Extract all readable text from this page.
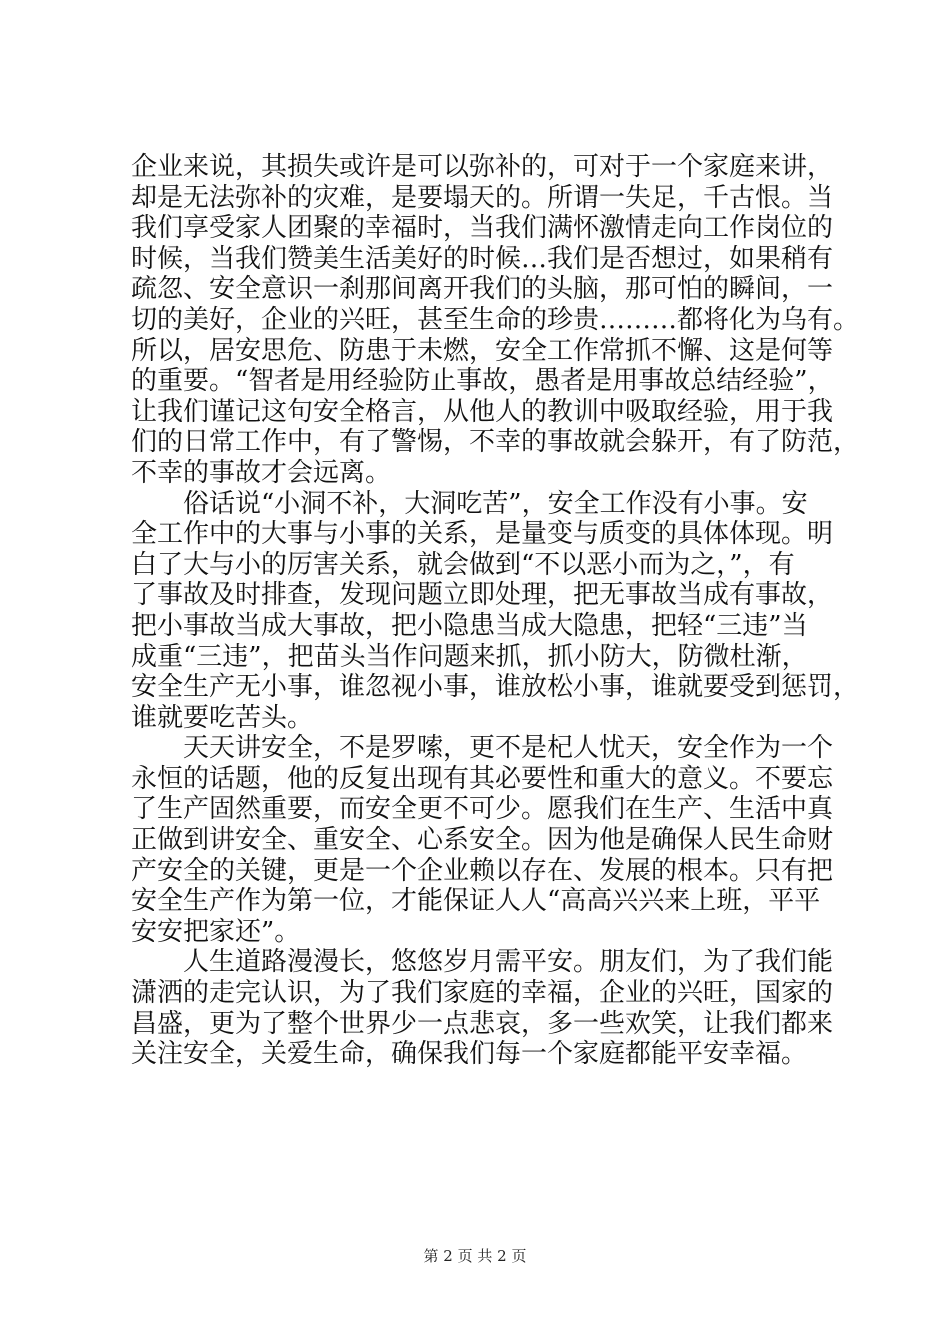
企业来说，其损失或许是可以弥补的，可对于一个家庭来讲，
却是无法弥补的灾难，是要塌天的。所谓一失足，千古恨。当
我们享受家人团聚的幸福时，当我们满怀激情走向工作岗位的
时候，当我们赞美生活美好的时候…我们是否想过，如果稍有
疏忽、安全意识一刹那间离开我们的头脑，那可怕的瞬间，一
切的美好，企业的兴旺，甚至生命的珍贵………都将化为乌有。
所以，居安思危、防患于未燃，安全工作常抓不懈、这是何等
的重要。“智者是用经验防止事故，愚者是用事故总结经验”，
让我们谨记这句安全格言，从他人的教训中吸取经验，用于我
们的日常工作中，有了警惕，不幸的事故就会躲开，有了防范，
不幸的事故才会远离。
俗话说“小洞不补，大洞吃苦”，安全工作没有小事。安
全工作中的大事与小事的关系，是量变与质变的具体体现。明
白了大与小的厉害关系，就会做到“不以恶小而为之，”，有
了事故及时排查，发现问题立即处理，把无事故当成有事故，
把小事故当成大事故，把小隐患当成大隐患，把轻“三违”当
成重“三违”，把苗头当作问题来抓，抓小防大，防微杜渐，
安全生产无小事，谁忽视小事，谁放松小事，谁就要受到惩罚，
谁就要吃苦头。
天天讲安全，不是罗嗦，更不是杞人忧天，安全作为一个
永恒的话题，他的反复出现有其必要性和重大的意义。不要忘
了生产固然重要，而安全更不可少。愿我们在生产、生活中真
正做到讲安全、重安全、心系安全。因为他是确保人民生命财
产安全的关键，更是一个企业赖以存在、发展的根本。只有把
安全生产作为第一位，才能保证人人“高高兴兴来上班，平平
安安把家还”。
人生道路漫漫长，悠悠岁月需平安。朋友们，为了我们能
潇洒的走完认识，为了我们家庭的幸福，企业的兴旺，国家的
昌盛，更为了整个世界少一点悲哀，多一些欢笑，让我们都来
关注安全，关爱生命，确保我们每一个家庭都能平安幸福。
第 2 页 共 2 页
